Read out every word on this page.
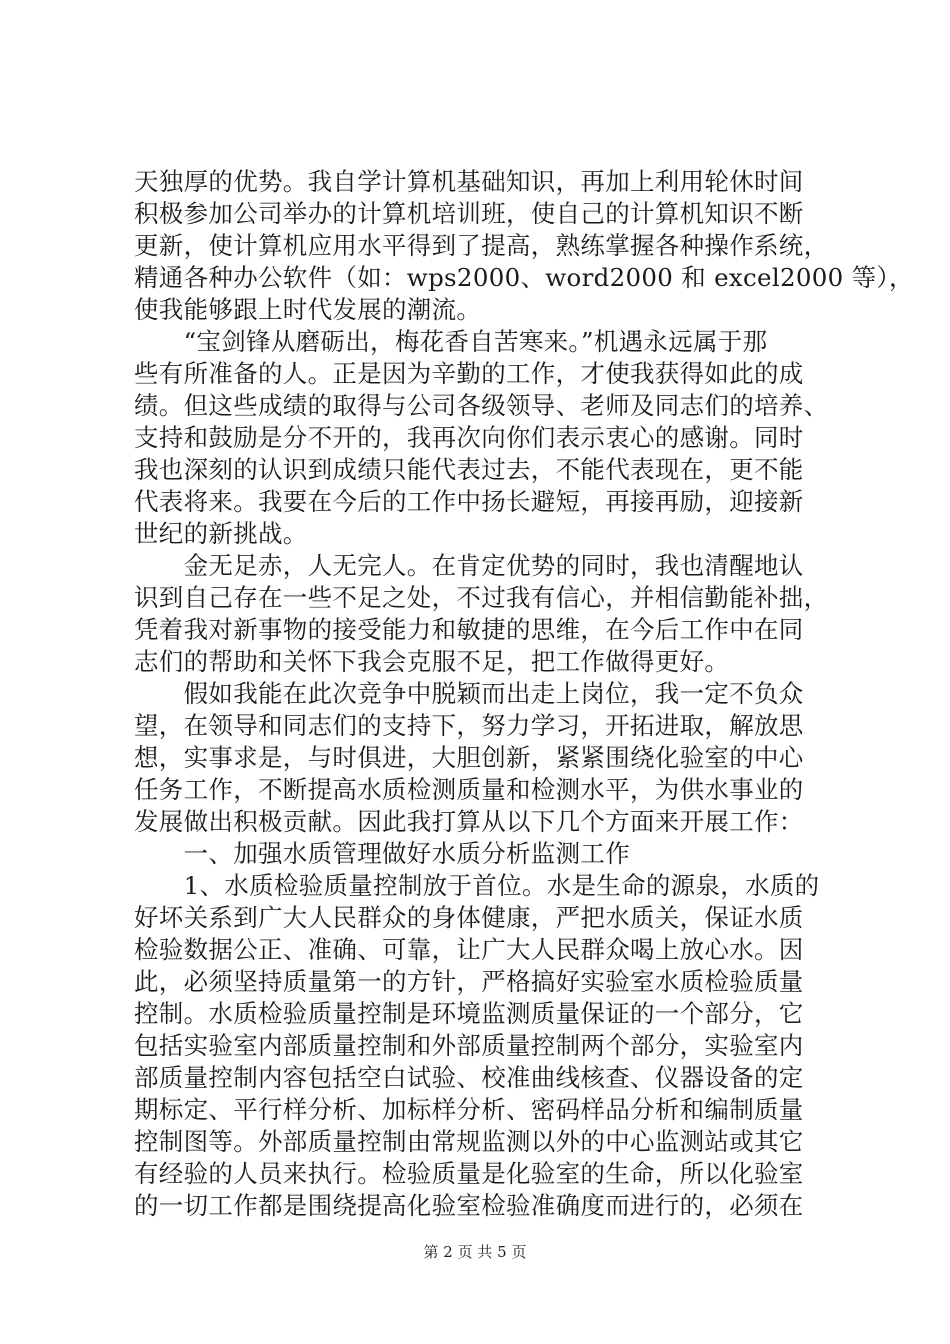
天独厚的优势。我自学计算机基础知识，再加上利用轮休时间
积极参加公司举办的计算机培训班，使自己的计算机知识不断
更新，使计算机应用水平得到了提高，熟练掌握各种操作系统，
精通各种办公软件（如：wps2000、word2000 和 excel2000 等），
使我能够跟上时代发展的潮流。
　　“宝剑锋从磨砺出，梅花香自苦寒来。”机遇永远属于那
些有所准备的人。正是因为辛勤的工作，才使我获得如此的成
绩。但这些成绩的取得与公司各级领导、老师及同志们的培养、
支持和鼓励是分不开的，我再次向你们表示衷心的感谢。同时
我也深刻的认识到成绩只能代表过去，不能代表现在，更不能
代表将来。我要在今后的工作中扬长避短，再接再励，迎接新
世纪的新挑战。
　　金无足赤，人无完人。在肯定优势的同时，我也清醒地认
识到自己存在一些不足之处，不过我有信心，并相信勤能补拙，
凭着我对新事物的接受能力和敏捷的思维，在今后工作中在同
志们的帮助和关怀下我会克服不足，把工作做得更好。
　　假如我能在此次竞争中脱颖而出走上岗位，我一定不负众
望，在领导和同志们的支持下，努力学习，开拓进取，解放思
想，实事求是，与时俱进，大胆创新，紧紧围绕化验室的中心
任务工作，不断提高水质检测质量和检测水平，为供水事业的
发展做出积极贡献。因此我打算从以下几个方面来开展工作：
　　一、加强水质管理做好水质分析监测工作
　　1、水质检验质量控制放于首位。水是生命的源泉，水质的
好坏关系到广大人民群众的身体健康，严把水质关，保证水质
检验数据公正、准确、可靠，让广大人民群众喝上放心水。因
此，必须坚持质量第一的方针，严格搞好实验室水质检验质量
控制。水质检验质量控制是环境监测质量保证的一个部分，它
包括实验室内部质量控制和外部质量控制两个部分，实验室内
部质量控制内容包括空白试验、校准曲线核查、仪器设备的定
期标定、平行样分析、加标样分析、密码样品分析和编制质量
控制图等。外部质量控制由常规监测以外的中心监测站或其它
有经验的人员来执行。检验质量是化验室的生命，所以化验室
的一切工作都是围绕提高化验室检验准确度而进行的，必须在
第 2 页 共 5 页
